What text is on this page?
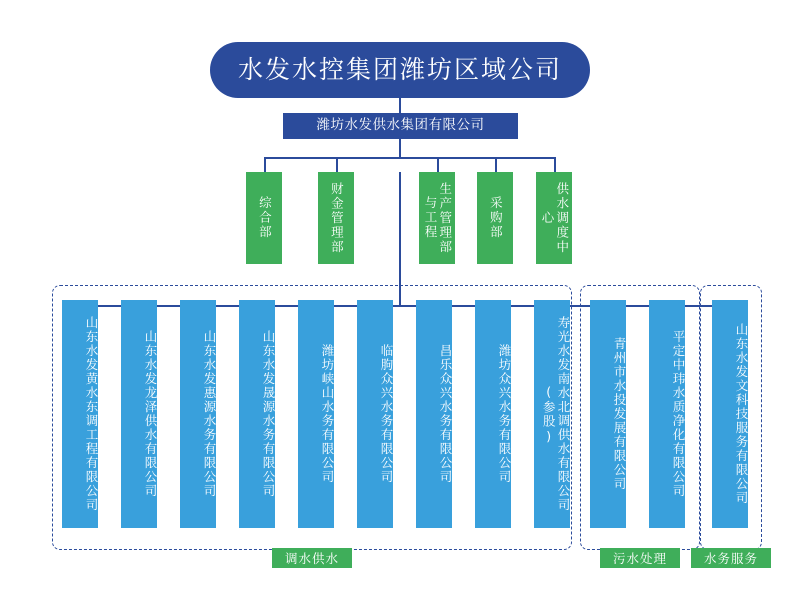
水发水控集团潍坊区域公司
潍坊水发供水集团有限公司
综合部	财金管理部	生产管理部与工程	采购部	供水调度中心
山东水发黄水东调工程有限公司	山东水发龙泽供水有限公司	山东水发惠源水务有限公司	山东水发晟源水务有限公司	潍坊峡山水务有限公司	临朐众兴水务有限公司	昌乐众兴水务有限公司	潍坊众兴水务有限公司	寿光水发南水北调供水有限公司(参股)	青州市水投发展有限公司	平定中玮水质净化有限公司	山东水发文科技服务有限公司
调水供水	污水处理	水务服务
